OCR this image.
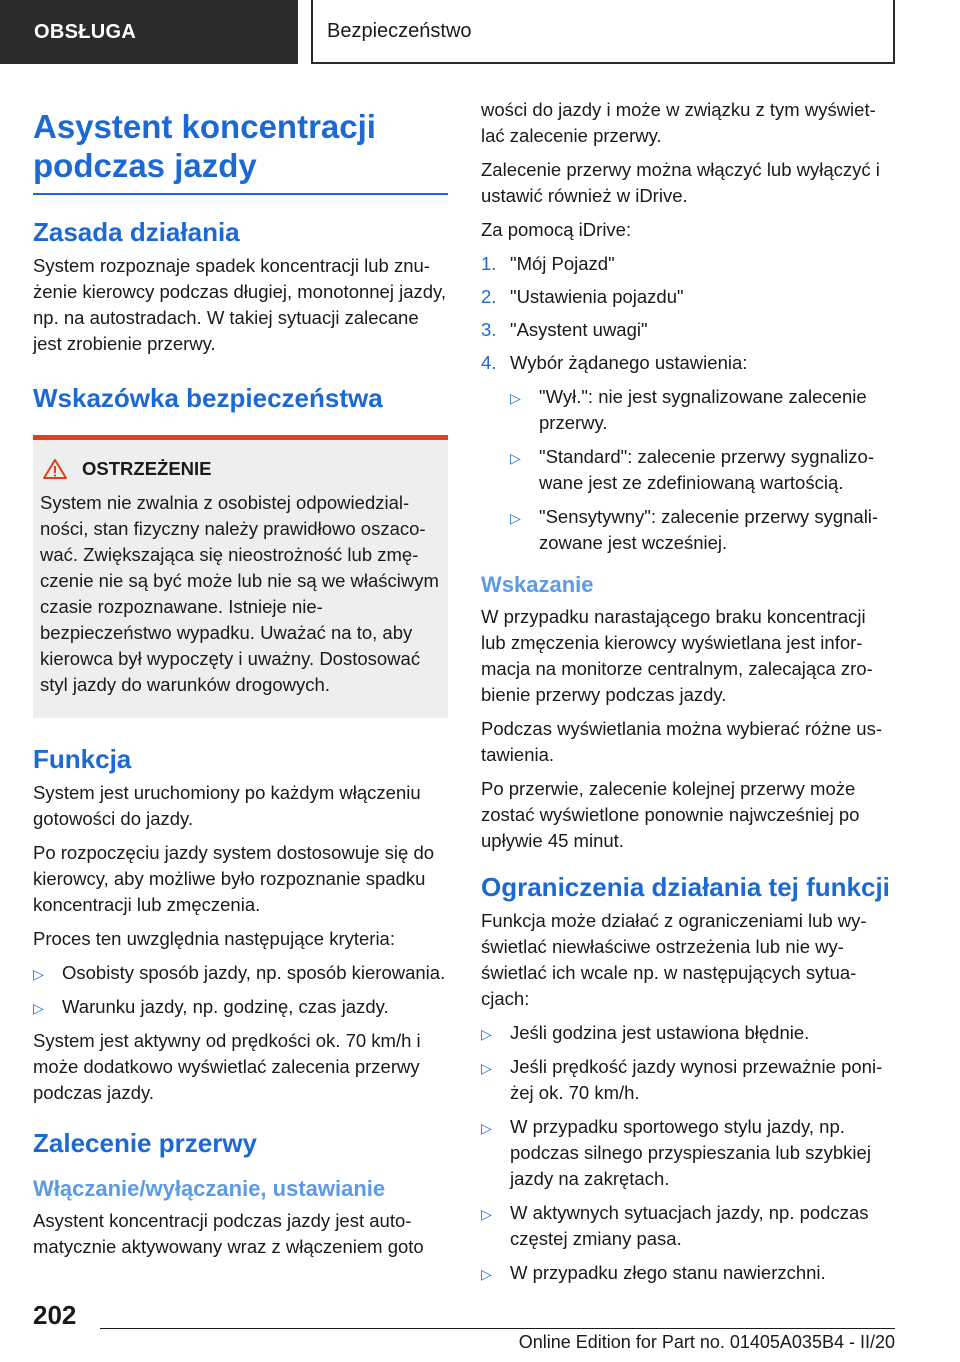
OBSŁUGA	Bezpieczeństwo
Asystent koncentracji
podczas jazdy
Zasada działania

System rozpoznaje spadek koncentracji lub znużenie kierowcy podczas długiej, monotonnej jazdy, np. na autostradach. W takiej sytuacji zalecane jest zrobienie przerwy.

Wskazówka bezpieczeństwa
OSTRZEŻENIE

System nie zwalnia z osobistej odpowiedzialności, stan fizyczny należy prawidłowo oszacować. Zwiększająca się nieostrożność lub zmęczenie nie są być może lub nie są we właściwym czasie rozpoznawane. Istnieje niebezpieczeństwo wypadku. Uważać na to, aby kierowca był wypoczęty i uważny. Dostosować styl jazdy do warunków drogowych.

Funkcja

System jest uruchomiony po każdym włączeniu gotowości do jazdy.

Po rozpoczęciu jazdy system dostosowuje się do kierowcy, aby możliwe było rozpoznanie spadku koncentracji lub zmęczenia.

Proces ten uwzględnia następujące kryteria:

▷ Osobisty sposób jazdy, np. sposób kierowania.
▷ Warunku jazdy, np. godzinę, czas jazdy.

System jest aktywny od prędkości ok. 70 km/h i może dodatkowo wyświetlać zalecenia przerwy podczas jazdy.

Zalecenie przerwy
Włączanie/wyłączanie, ustawianie

Asystent koncentracji podczas jazdy jest automatycznie aktywowany wraz z włączeniem goto

wości do jazdy i może w związku z tym wyświetlać zalecenie przerwy.

Zalecenie przerwy można włączyć lub wyłączyć i ustawić również w iDrive.

Za pomocą iDrive:

1. "Mój Pojazd"
2. "Ustawienia pojazdu"
3. "Asystent uwagi"
4. Wybór żądanego ustawienia:
▷ "Wył.": nie jest sygnalizowane zalecenie przerwy.
▷ "Standard": zalecenie przerwy sygnalizowane jest ze zdefiniowaną wartością.
▷ "Sensytywny": zalecenie przerwy sygnalizowane jest wcześniej.
Wskazanie

W przypadku narastającego braku koncentracji lub zmęczenia kierowcy wyświetlana jest informacja na monitorze centralnym, zalecająca zrobienie przerwy podczas jazdy.

Podczas wyświetlania można wybierać różne ustawienia.

Po przerwie, zalecenie kolejnej przerwy może zostać wyświetlone ponownie najwcześniej po upływie 45 minut.

Ograniczenia działania tej funkcji

Funkcja może działać z ograniczeniami lub wyświetlać niewłaściwe ostrzeżenia lub nie wyświetlać ich wcale np. w następujących sytuacjach:

▷ Jeśli godzina jest ustawiona błędnie.
▷ Jeśli prędkość jazdy wynosi przeważnie poniżej ok. 70 km/h.
▷ W przypadku sportowego stylu jazdy, np. podczas silnego przyspieszania lub szybkiej jazdy na zakrętach.
▷ W aktywnych sytuacjach jazdy, np. podczas częstej zmiany pasa.
▷ W przypadku złego stanu nawierzchni.
202
Online Edition for Part no. 01405A035B4 - II/20
